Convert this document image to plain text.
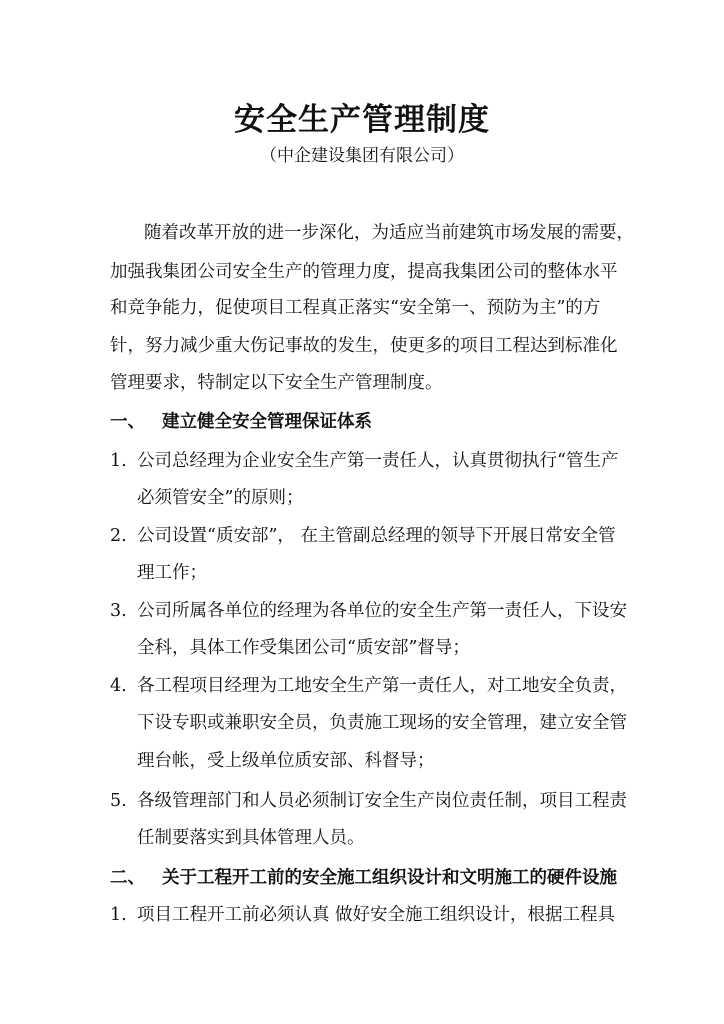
安全生产管理制度
（中企建设集团有限公司）
随着改革开放的进一步深化，为适应当前建筑市场发展的需要，
加强我集团公司安全生产的管理力度，提高我集团公司的整体水平
和竞争能力，促使项目工程真正落实“安全第一、预防为主”的方
针，努力减少重大伤记事故的发生，使更多的项目工程达到标准化
管理要求，特制定以下安全生产管理制度。
一、 建立健全安全管理保证体系
1. 公司总经理为企业安全生产第一责任人，认真贯彻执行“管生产
必须管安全”的原则；
2. 公司设置“质安部”， 在主管副总经理的领导下开展日常安全管
理工作；
3. 公司所属各单位的经理为各单位的安全生产第一责任人，下设安
全科，具体工作受集团公司“质安部”督导；
4. 各工程项目经理为工地安全生产第一责任人，对工地安全负责，
下设专职或兼职安全员，负责施工现场的安全管理，建立安全管
理台帐，受上级单位质安部、科督导；
5. 各级管理部门和人员必须制订安全生产岗位责任制，项目工程责
任制要落实到具体管理人员。
二、 关于工程开工前的安全施工组织设计和文明施工的硬件设施
1. 项目工程开工前必须认真 做好安全施工组织设计，根据工程具
